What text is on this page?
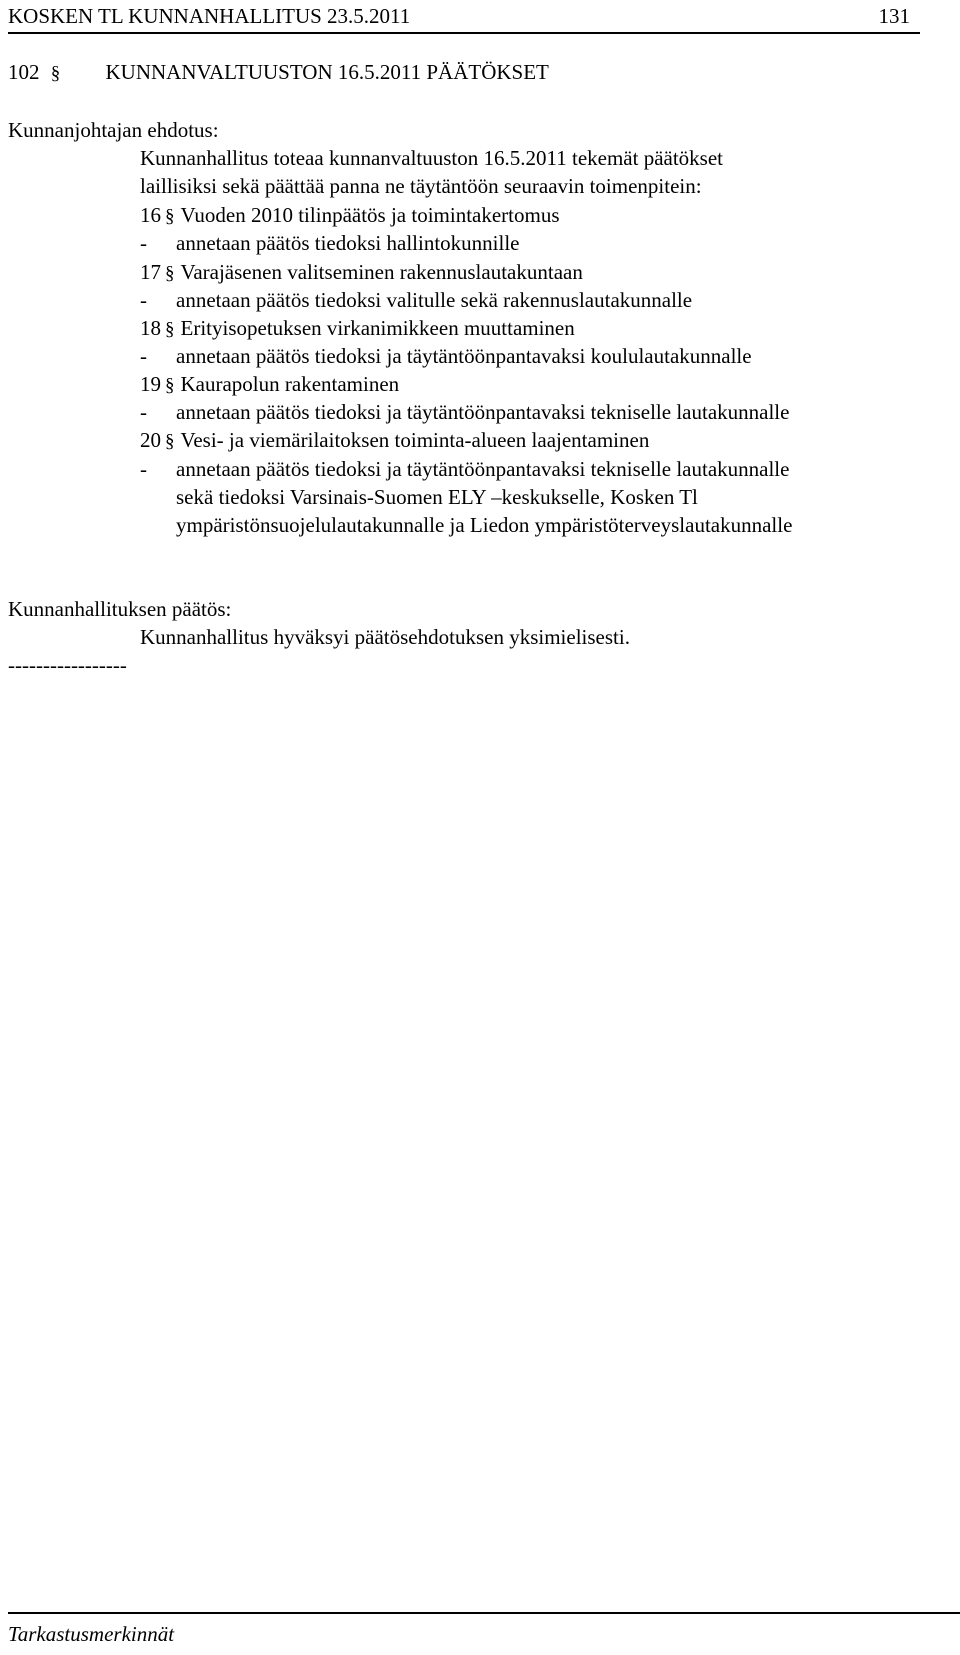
KOSKEN TL KUNNANHALLITUS 23.5.2011	131
102 § KUNNANVALTUUSTON 16.5.2011 PÄÄTÖKSET
Kunnanjohtajan ehdotus:
Kunnanhallitus toteaa kunnanvaltuuston 16.5.2011 tekemät päätökset
laillisiksi sekä päättää panna ne täytäntöön seuraavin toimenpitein:
16 § Vuoden 2010 tilinpäätös ja toimintakertomus
- annetaan päätös tiedoksi hallintokunnille
17 § Varajäsenen valitseminen rakennuslautakuntaan
- annetaan päätös tiedoksi valitulle sekä rakennuslautakunnalle
18 § Erityisopetuksen virkanimikkeen muuttaminen
- annetaan päätös tiedoksi ja täytäntöönpantavaksi koululautakunnalle
19 § Kaurapolun rakentaminen
- annetaan päätös tiedoksi ja täytäntöönpantavaksi tekniselle lautakunnalle
20 § Vesi- ja viemärilaitoksen toiminta-alueen laajentaminen
- annetaan päätös tiedoksi ja täytäntöönpantavaksi tekniselle lautakunnalle
sekä tiedoksi Varsinais-Suomen ELY –keskukselle, Kosken Tl
ympäristönsuojelulautakunnalle ja Liedon ympäristöterveyslautakunnalle
Kunnanhallituksen päätös:
Kunnanhallitus hyväksyi päätösehdotuksen yksimielisesti.
-----------------
Tarkastusmerkinnät
